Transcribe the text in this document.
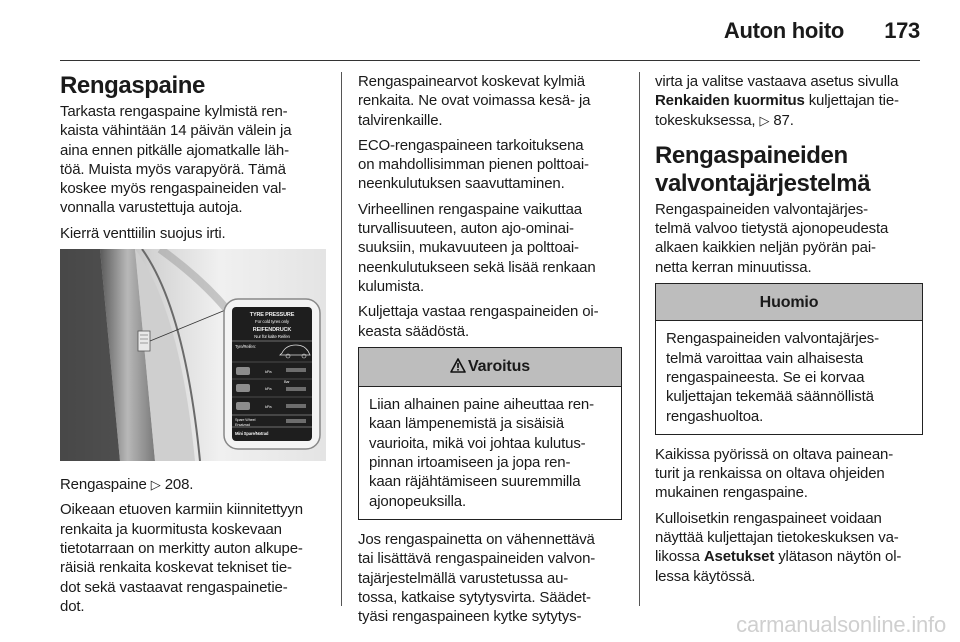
Auton hoito 173
Rengaspaine

Tarkasta rengaspaine kylmistä ren-
kaista vähintään 14 päivän välein ja
aina ennen pitkälle ajomatkalle läh-
töä. Muista myös varapyörä. Tämä
koskee myös rengaspaineiden val-
vonnalla varustettuja autoja.

Kierrä venttiilin suojus irti.

TYRE PRESSURE
For cold tyres only
REIFENDRUCK
Nur für kalte Reifen
Tyre/Reifen:
kPa
kPa
kPa
Bar
Spare Wheel
Ersatzrad
Mini Spare/Notrad

Rengaspaine ▷ 208.

Oikeaan etuoven karmiin kiinnitettyyn
renkaita ja kuormitusta koskevaan
tietotarraan on merkitty auton alkupe-
räisiä renkaita koskevat tekniset tie-
dot sekä vastaavat rengaspainetie-
dot.

Rengaspainearvot koskevat kylmiä
renkaita. Ne ovat voimassa kesä- ja
talvirenkaille.

ECO-rengaspaineen tarkoituksena
on mahdollisimman pienen polttoai-
neenkulutuksen saavuttaminen.

Virheellinen rengaspaine vaikuttaa
turvallisuuteen, auton ajo-ominai-
suuksiin, mukavuuteen ja polttoai-
neenkulutukseen sekä lisää renkaan
kulumista.

Kuljettaja vastaa rengaspaineiden oi-
keasta säädöstä.

Varoitus
Liian alhainen paine aiheuttaa ren-
kaan lämpenemistä ja sisäisiä
vaurioita, mikä voi johtaa kulutus-
pinnan irtoamiseen ja jopa ren-
kaan räjähtämiseen suuremmilla
ajonopeuksilla.

Jos rengaspainetta on vähennettävä
tai lisättävä rengaspaineiden valvon-
tajärjestelmällä varustetussa au-
tossa, katkaise sytytysvirta. Säädet-
tyäsi rengaspaineen kytke sytytys-

virta ja valitse vastaava asetus sivulla
Renkaiden kuormitus kuljettajan tie-
tokeskuksessa, ▷ 87.

Rengaspaineiden
valvontajärjestelmä

Rengaspaineiden valvontajärjes-
telmä valvoo tietystä ajonopeudesta
alkaen kaikkien neljän pyörän pai-
netta kerran minuutissa.

Huomio
Rengaspaineiden valvontajärjes-
telmä varoittaa vain alhaisesta
rengaspaineesta. Se ei korvaa
kuljettajan tekemää säännöllistä
rengashuoltoa.

Kaikissa pyörissä on oltava painean-
turit ja renkaissa on oltava ohjeiden
mukainen rengaspaine.

Kulloisetkin rengaspaineet voidaan
näyttää kuljettajan tietokeskuksen va-
likossa Asetukset ylätason näytön ol-
lessa käytössä.

carmanualsonline.info
